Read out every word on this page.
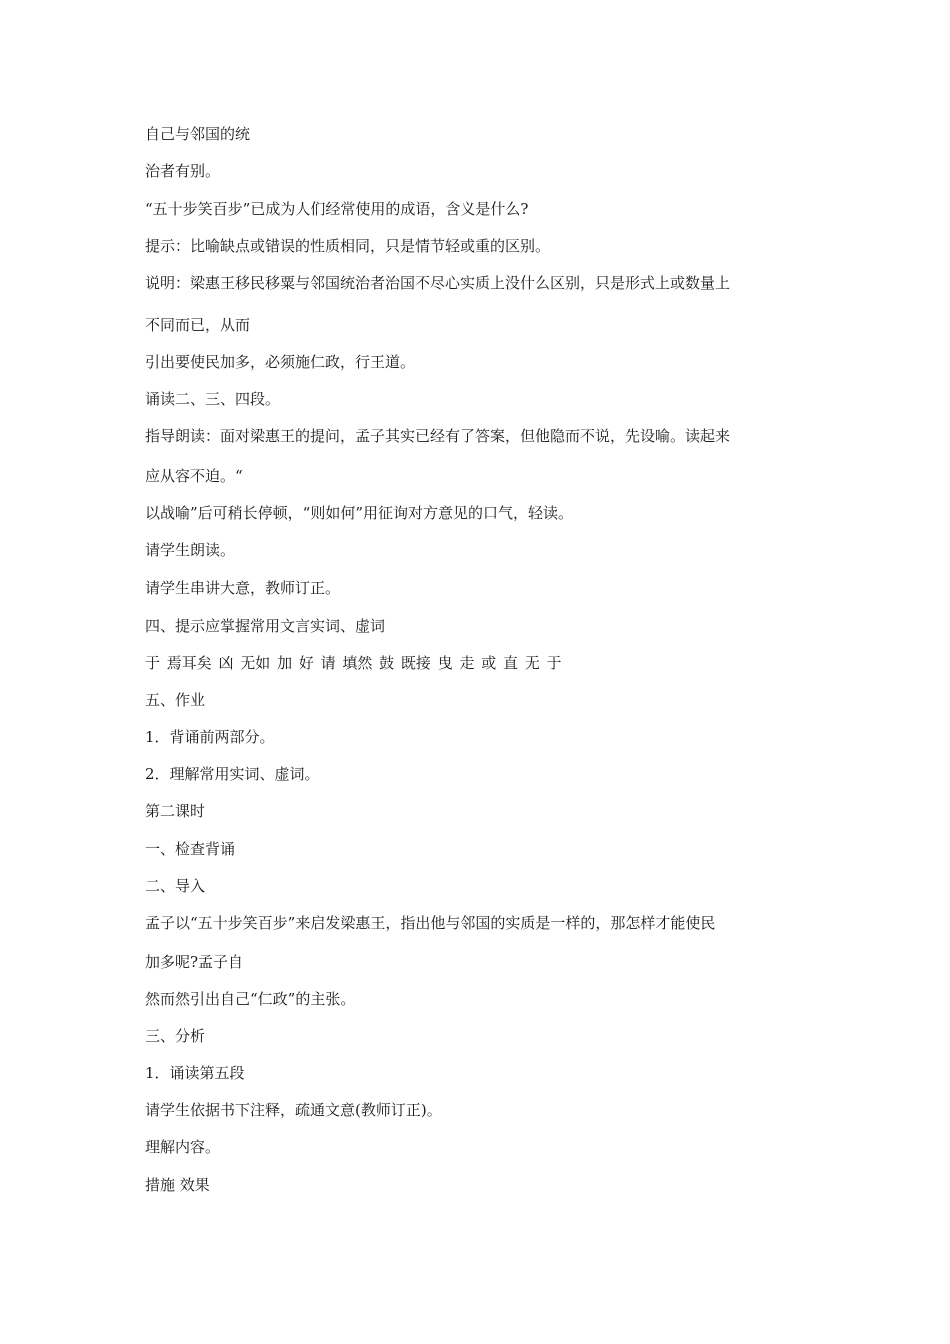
自己与邻国的统

治者有别。

“五十步笑百步”已成为人们经常使用的成语，含义是什么?

提示：比喻缺点或错误的性质相同，只是情节轻或重的区别。

说明：梁惠王移民移粟与邻国统治者治国不尽心实质上没什么区别，只是形式上或数量上

不同而已，从而

引出要使民加多，必须施仁政，行王道。

诵读二、三、四段。

指导朗读：面对梁惠王的提问，孟子其实已经有了答案，但他隐而不说，先设喻。读起来

应从容不迫。“

以战喻”后可稍长停顿，“则如何”用征询对方意见的口气，轻读。

请学生朗读。

请学生串讲大意，教师订正。

四、提示应掌握常用文言实词、虚词

于 焉耳矣 凶 无如 加 好 请 填然 鼓 既接 曳 走 或 直 无 于

五、作业

1．背诵前两部分。

2．理解常用实词、虚词。

第二课时

一、检查背诵

二、导入

孟子以“五十步笑百步”来启发梁惠王，指出他与邻国的实质是一样的，那怎样才能使民

加多呢?孟子自

然而然引出自己“仁政”的主张。

三、分析

1．诵读第五段

请学生依据书下注释，疏通文意(教师订正)。

理解内容。

措施 效果
